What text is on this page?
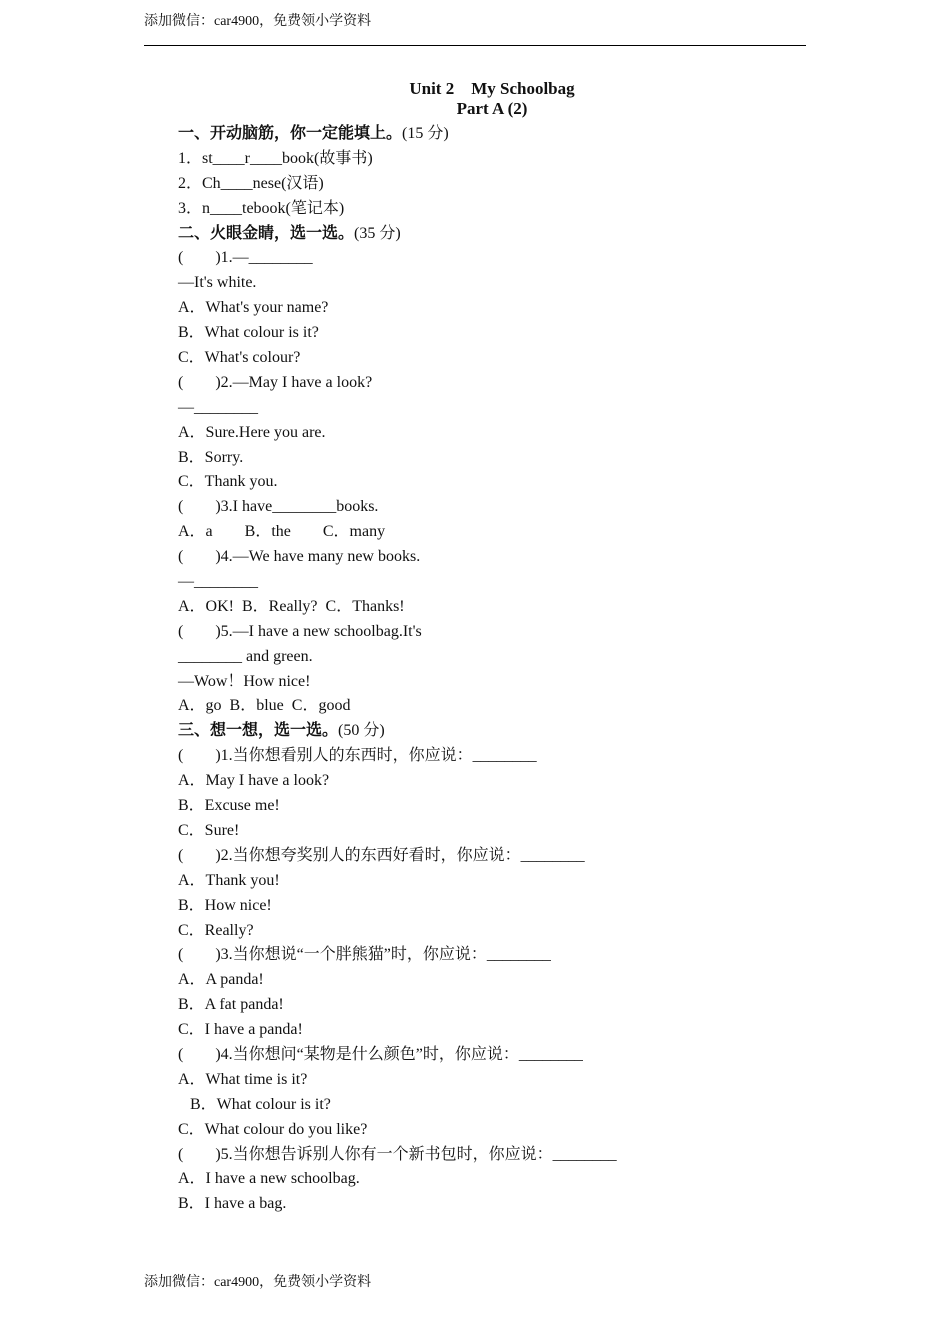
添加微信：car4900，免费领小学资料
Unit 2　My Schoolbag
Part A (2)
一、开动脑筋，你一定能填上。(15 分)
1．st____r____book(故事书)
2．Ch____nese(汉语)
3．n____tebook(笔记本)
二、火眼金睛，选一选。(35 分)
(　　)1.—________
—It's white.
A．What's your name?
B．What colour is it?
C．What's colour?
(　　)2.—May I have a look?
—________
A．Sure.Here you are.
B．Sorry.
C．Thank you.
(　　)3.I have________books.
A．a　　B．the　　C．many
(　　)4.—We have many new books.
—________
A．OK!  B．Really?  C．Thanks!
(　　)5.—I have a new schoolbag.It's
________ and green.
—Wow！How nice!
A．go  B．blue  C．good
三、想一想，选一选。(50 分)
(　　)1.当你想看别人的东西时，你应说：________
A．May I have a look?
B．Excuse me!
C．Sure!
(　　)2.当你想夸奖别人的东西好看时，你应说：________
A．Thank you!
B．How nice!
C．Really?
(　　)3.当你想说“一个胖熊猫”时，你应说：________
A．A panda!
B．A fat panda!
C．I have a panda!
(　　)4.当你想问“某物是什么颜色”时，你应说：________
A．What time is it?
B．What colour is it?
C．What colour do you like?
(　　)5.当你想告诉别人你有一个新书包时，你应说：________
A．I have a new schoolbag.
B．I have a bag.
添加微信：car4900，免费领小学资料
